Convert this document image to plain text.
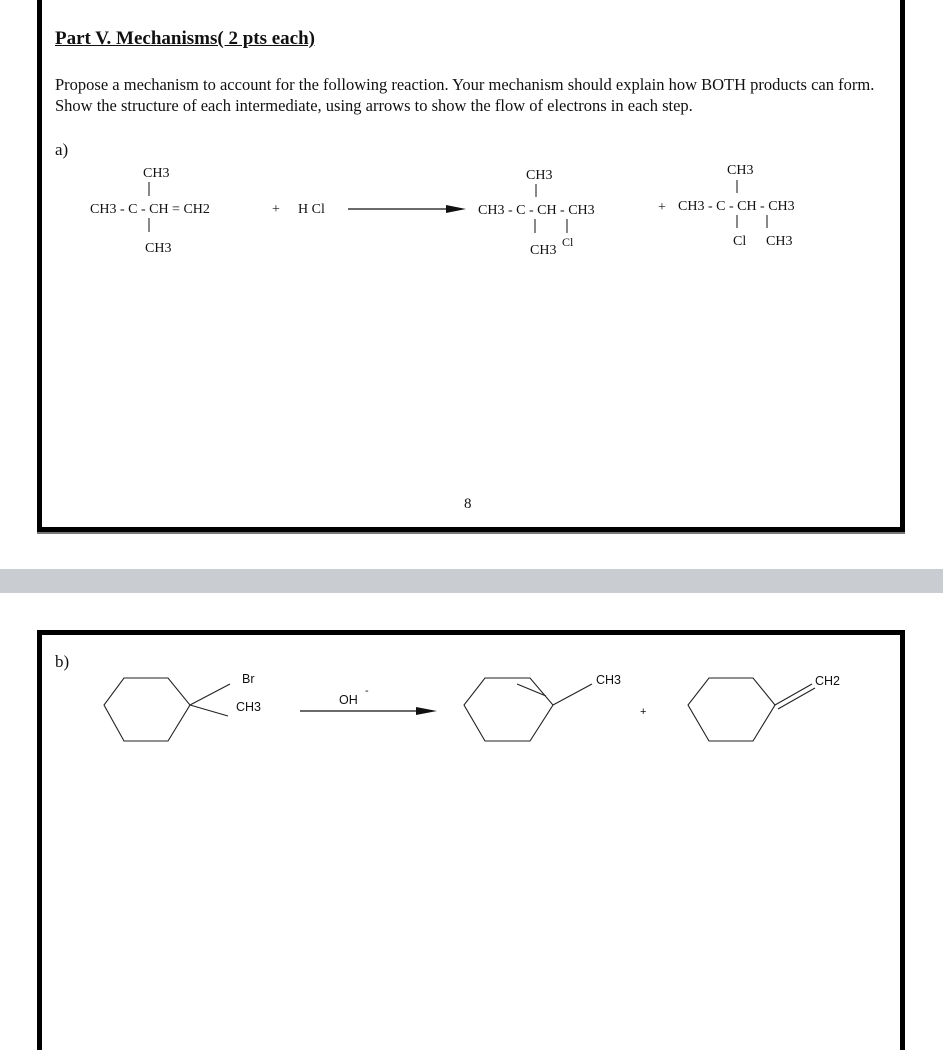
Part V. Mechanisms( 2 pts each)
Propose a mechanism to account for the following reaction. Your mechanism should explain how BOTH products can form. Show the structure of each intermediate, using arrows to show the flow of electrons in each step.
a)
8
b)
CH3
CH3 - C - CH = CH2
CH3
+ H Cl
CH3
CH3 - C - CH - CH3
CH3
Cl
+
CH3
CH3 - C - CH - CH3
Cl CH3
Br
CH3	OH
-
CH3
+
CH2
